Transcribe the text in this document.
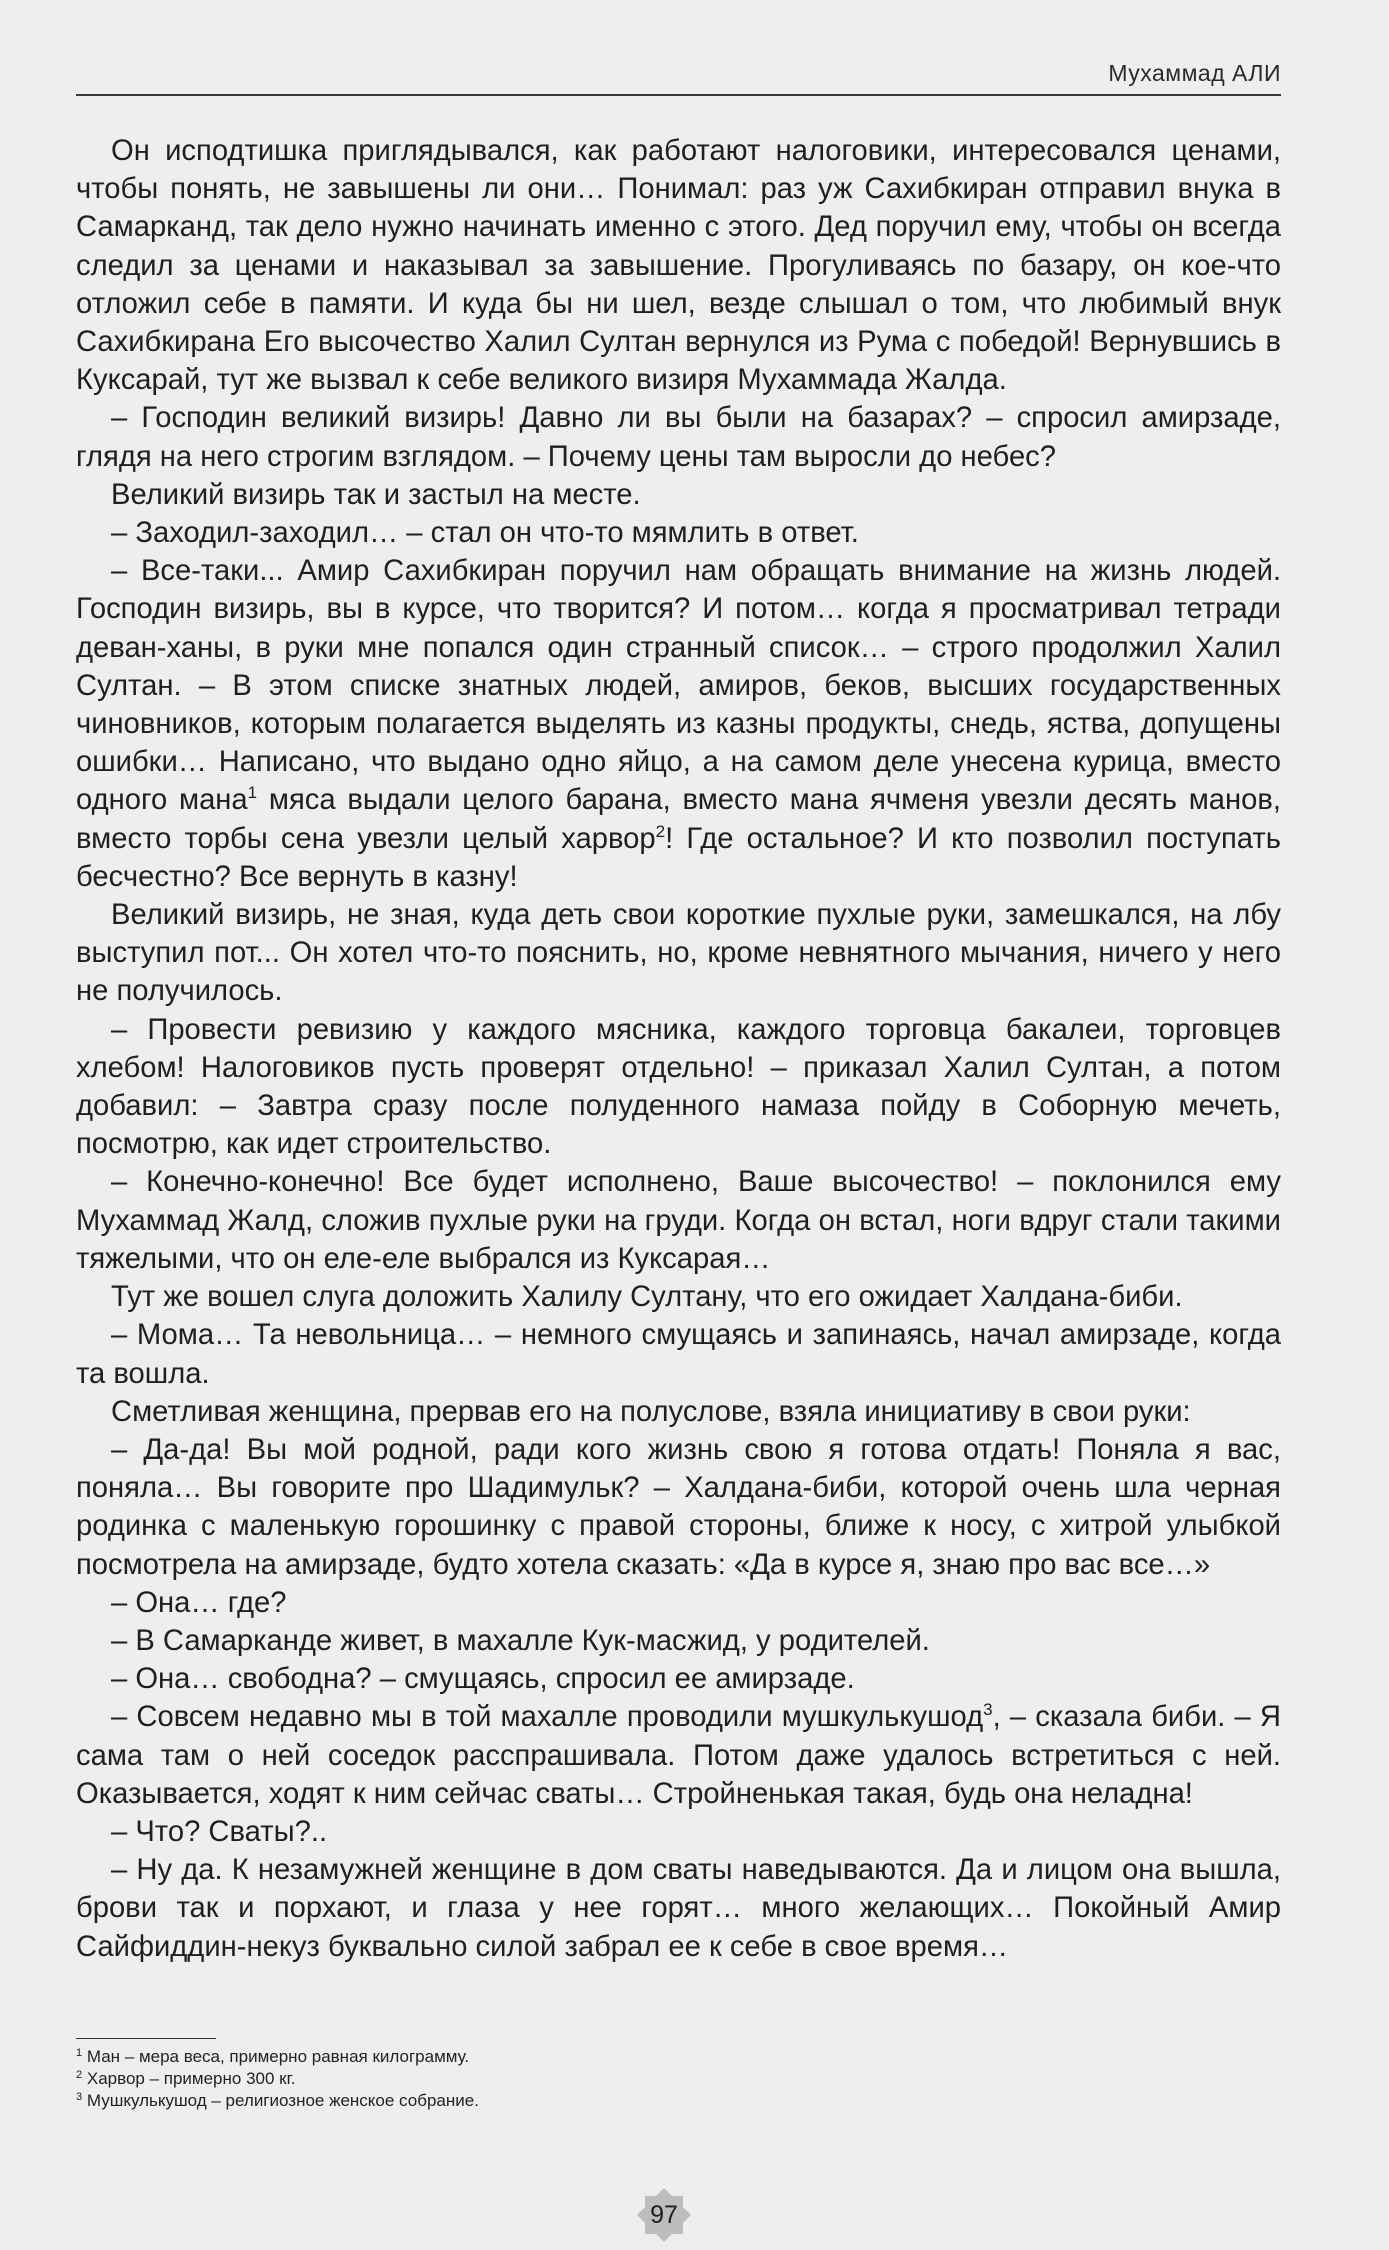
Мухаммад АЛИ

Он исподтишка приглядывался, как работают налоговики, интересовался ценами, чтобы понять, не завышены ли они… Понимал: раз уж Сахибкиран отправил внука в Самарканд, так дело нужно начинать именно с этого. Дед поручил ему, чтобы он всегда следил за ценами и наказывал за завышение. Прогуливаясь по базару, он кое-что отложил себе в памяти. И куда бы ни шел, везде слышал о том, что любимый внук Сахибкирана Его высочество Халил Султан вернулся из Рума с победой! Вернувшись в Куксарай, тут же вызвал к себе великого визиря Мухаммада Жалда.

– Господин великий визирь! Давно ли вы были на базарах? – спросил амирзаде, глядя на него строгим взглядом. – Почему цены там выросли до небес?

Великий визирь так и застыл на месте.

– Заходил-заходил… – стал он что-то мямлить в ответ.

– Все-таки... Амир Сахибкиран поручил нам обращать внимание на жизнь людей. Господин визирь, вы в курсе, что творится? И потом… когда я просматривал тетради деван-ханы, в руки мне попался один странный список… – строго продолжил Халил Султан. – В этом списке знатных людей, амиров, беков, высших государственных чиновников, которым полагается выделять из казны продукты, снедь, яства, допущены ошибки… Написано, что выдано одно яйцо, а на самом деле унесена курица, вместо одного мана$^1$ мяса выдали целого барана, вместо мана ячменя увезли десять манов, вместо торбы сена увезли целый харвор$^2$! Где остальное? И кто позволил поступать бесчестно? Все вернуть в казну!

Великий визирь, не зная, куда деть свои короткие пухлые руки, замешкался, на лбу выступил пот... Он хотел что-то пояснить, но, кроме невнятного мычания, ничего у него не получилось.

– Провести ревизию у каждого мясника, каждого торговца бакалеи, торговцев хлебом! Налоговиков пусть проверят отдельно! – приказал Халил Султан, а потом добавил: – Завтра сразу после полуденного намаза пойду в Соборную мечеть, посмотрю, как идет строительство.

– Конечно-конечно! Все будет исполнено, Ваше высочество! – поклонился ему Мухаммад Жалд, сложив пухлые руки на груди. Когда он встал, ноги вдруг стали такими тяжелыми, что он еле-еле выбрался из Куксарая…

Тут же вошел слуга доложить Халилу Султану, что его ожидает Халдана-биби.

– Мома… Та невольница… – немного смущаясь и запинаясь, начал амирзаде, когда та вошла.

Сметливая женщина, прервав его на полуслове, взяла инициативу в свои руки:

– Да-да! Вы мой родной, ради кого жизнь свою я готова отдать! Поняла я вас, поняла… Вы говорите про Шадимульк? – Халдана-биби, которой очень шла черная родинка с маленькую горошинку с правой стороны, ближе к носу, с хитрой улыбкой посмотрела на амирзаде, будто хотела сказать: «Да в курсе я, знаю про вас все…»

– Она… где?

– В Самарканде живет, в махалле Кук-масжид, у родителей.

– Она… свободна? – смущаясь, спросил ее амирзаде.

– Совсем недавно мы в той махалле проводили мушкулькушод$^3$, – сказала биби. – Я сама там о ней соседок расспрашивала. Потом даже удалось встретиться с ней. Оказывается, ходят к ним сейчас сваты… Стройненькая такая, будь она неладна!

– Что? Сваты?..

– Ну да. К незамужней женщине в дом сваты наведываются. Да и лицом она вышла, брови так и порхают, и глаза у нее горят… много желающих… Покойный Амир Сайфиддин-некуз буквально силой забрал ее к себе в свое время…

$^1$ Ман – мера веса, примерно равная килограмму.
$^2$ Харвор – примерно 300 кг.
$^3$ Мушкулькушод – религиозное женское собрание.
97
